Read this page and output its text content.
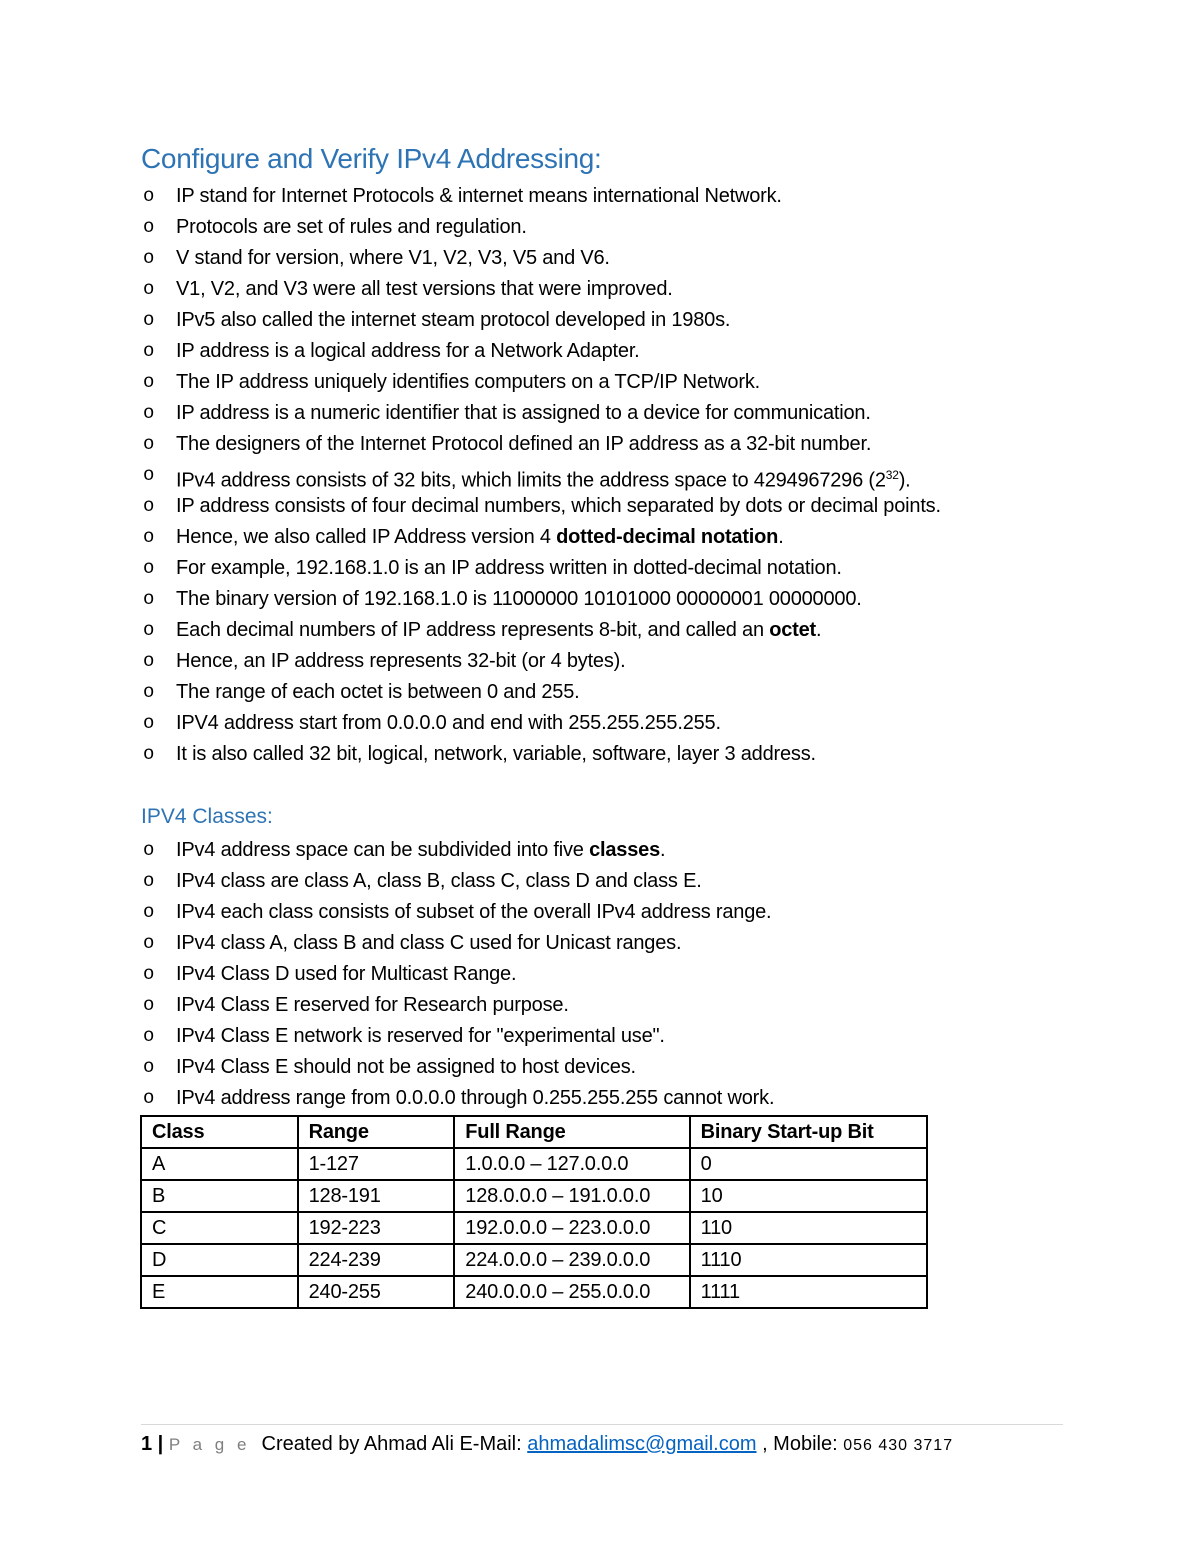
Configure and Verify IPv4 Addressing:
o IP stand for Internet Protocols & internet means international Network.
o Protocols are set of rules and regulation.
o V stand for version, where V1, V2, V3, V5 and V6.
o V1, V2, and V3 were all test versions that were improved.
o IPv5 also called the internet steam protocol developed in 1980s.
o IP address is a logical address for a Network Adapter.
o The IP address uniquely identifies computers on a TCP/IP Network.
o IP address is a numeric identifier that is assigned to a device for communication.
o The designers of the Internet Protocol defined an IP address as a 32-bit number.
o IPv4 address consists of 32 bits, which limits the address space to 4294967296 $(2^{32})$.
o IP address consists of four decimal numbers, which separated by dots or decimal points.
o Hence, we also called IP Address version 4 dotted-decimal notation.
o For example, 192.168.1.0 is an IP address written in dotted-decimal notation.
o The binary version of 192.168.1.0 is 11000000 10101000 00000001 00000000.
o Each decimal numbers of IP address represents 8-bit, and called an octet.
o Hence, an IP address represents 32-bit (or 4 bytes).
o The range of each octet is between 0 and 255.
o IPV4 address start from 0.0.0.0 and end with 255.255.255.255.
o It is also called 32 bit, logical, network, variable, software, layer 3 address.
IPV4 Classes:
o IPv4 address space can be subdivided into five classes.
o IPv4 class are class A, class B, class C, class D and class E.
o IPv4 each class consists of subset of the overall IPv4 address range.
o IPv4 class A, class B and class C used for Unicast ranges.
o IPv4 Class D used for Multicast Range.
o IPv4 Class E reserved for Research purpose.
o IPv4 Class E network is reserved for "experimental use".
o IPv4 Class E should not be assigned to host devices.
o IPv4 address range from 0.0.0.0 through 0.255.255.255 cannot work.
Class	Range	Full Range	Binary Start-up Bit
A	1-127	1.0.0.0 – 127.0.0.0	0
B	128-191	128.0.0.0 – 191.0.0.0	10
C	192-223	192.0.0.0 – 223.0.0.0	110
D	224-239	224.0.0.0 – 239.0.0.0	1110
E	240-255	240.0.0.0 – 255.0.0.0	1111
1 | P a g e Created by Ahmad Ali E-Mail: ahmadalimsc@gmail.com , Mobile: 056 430 3717
